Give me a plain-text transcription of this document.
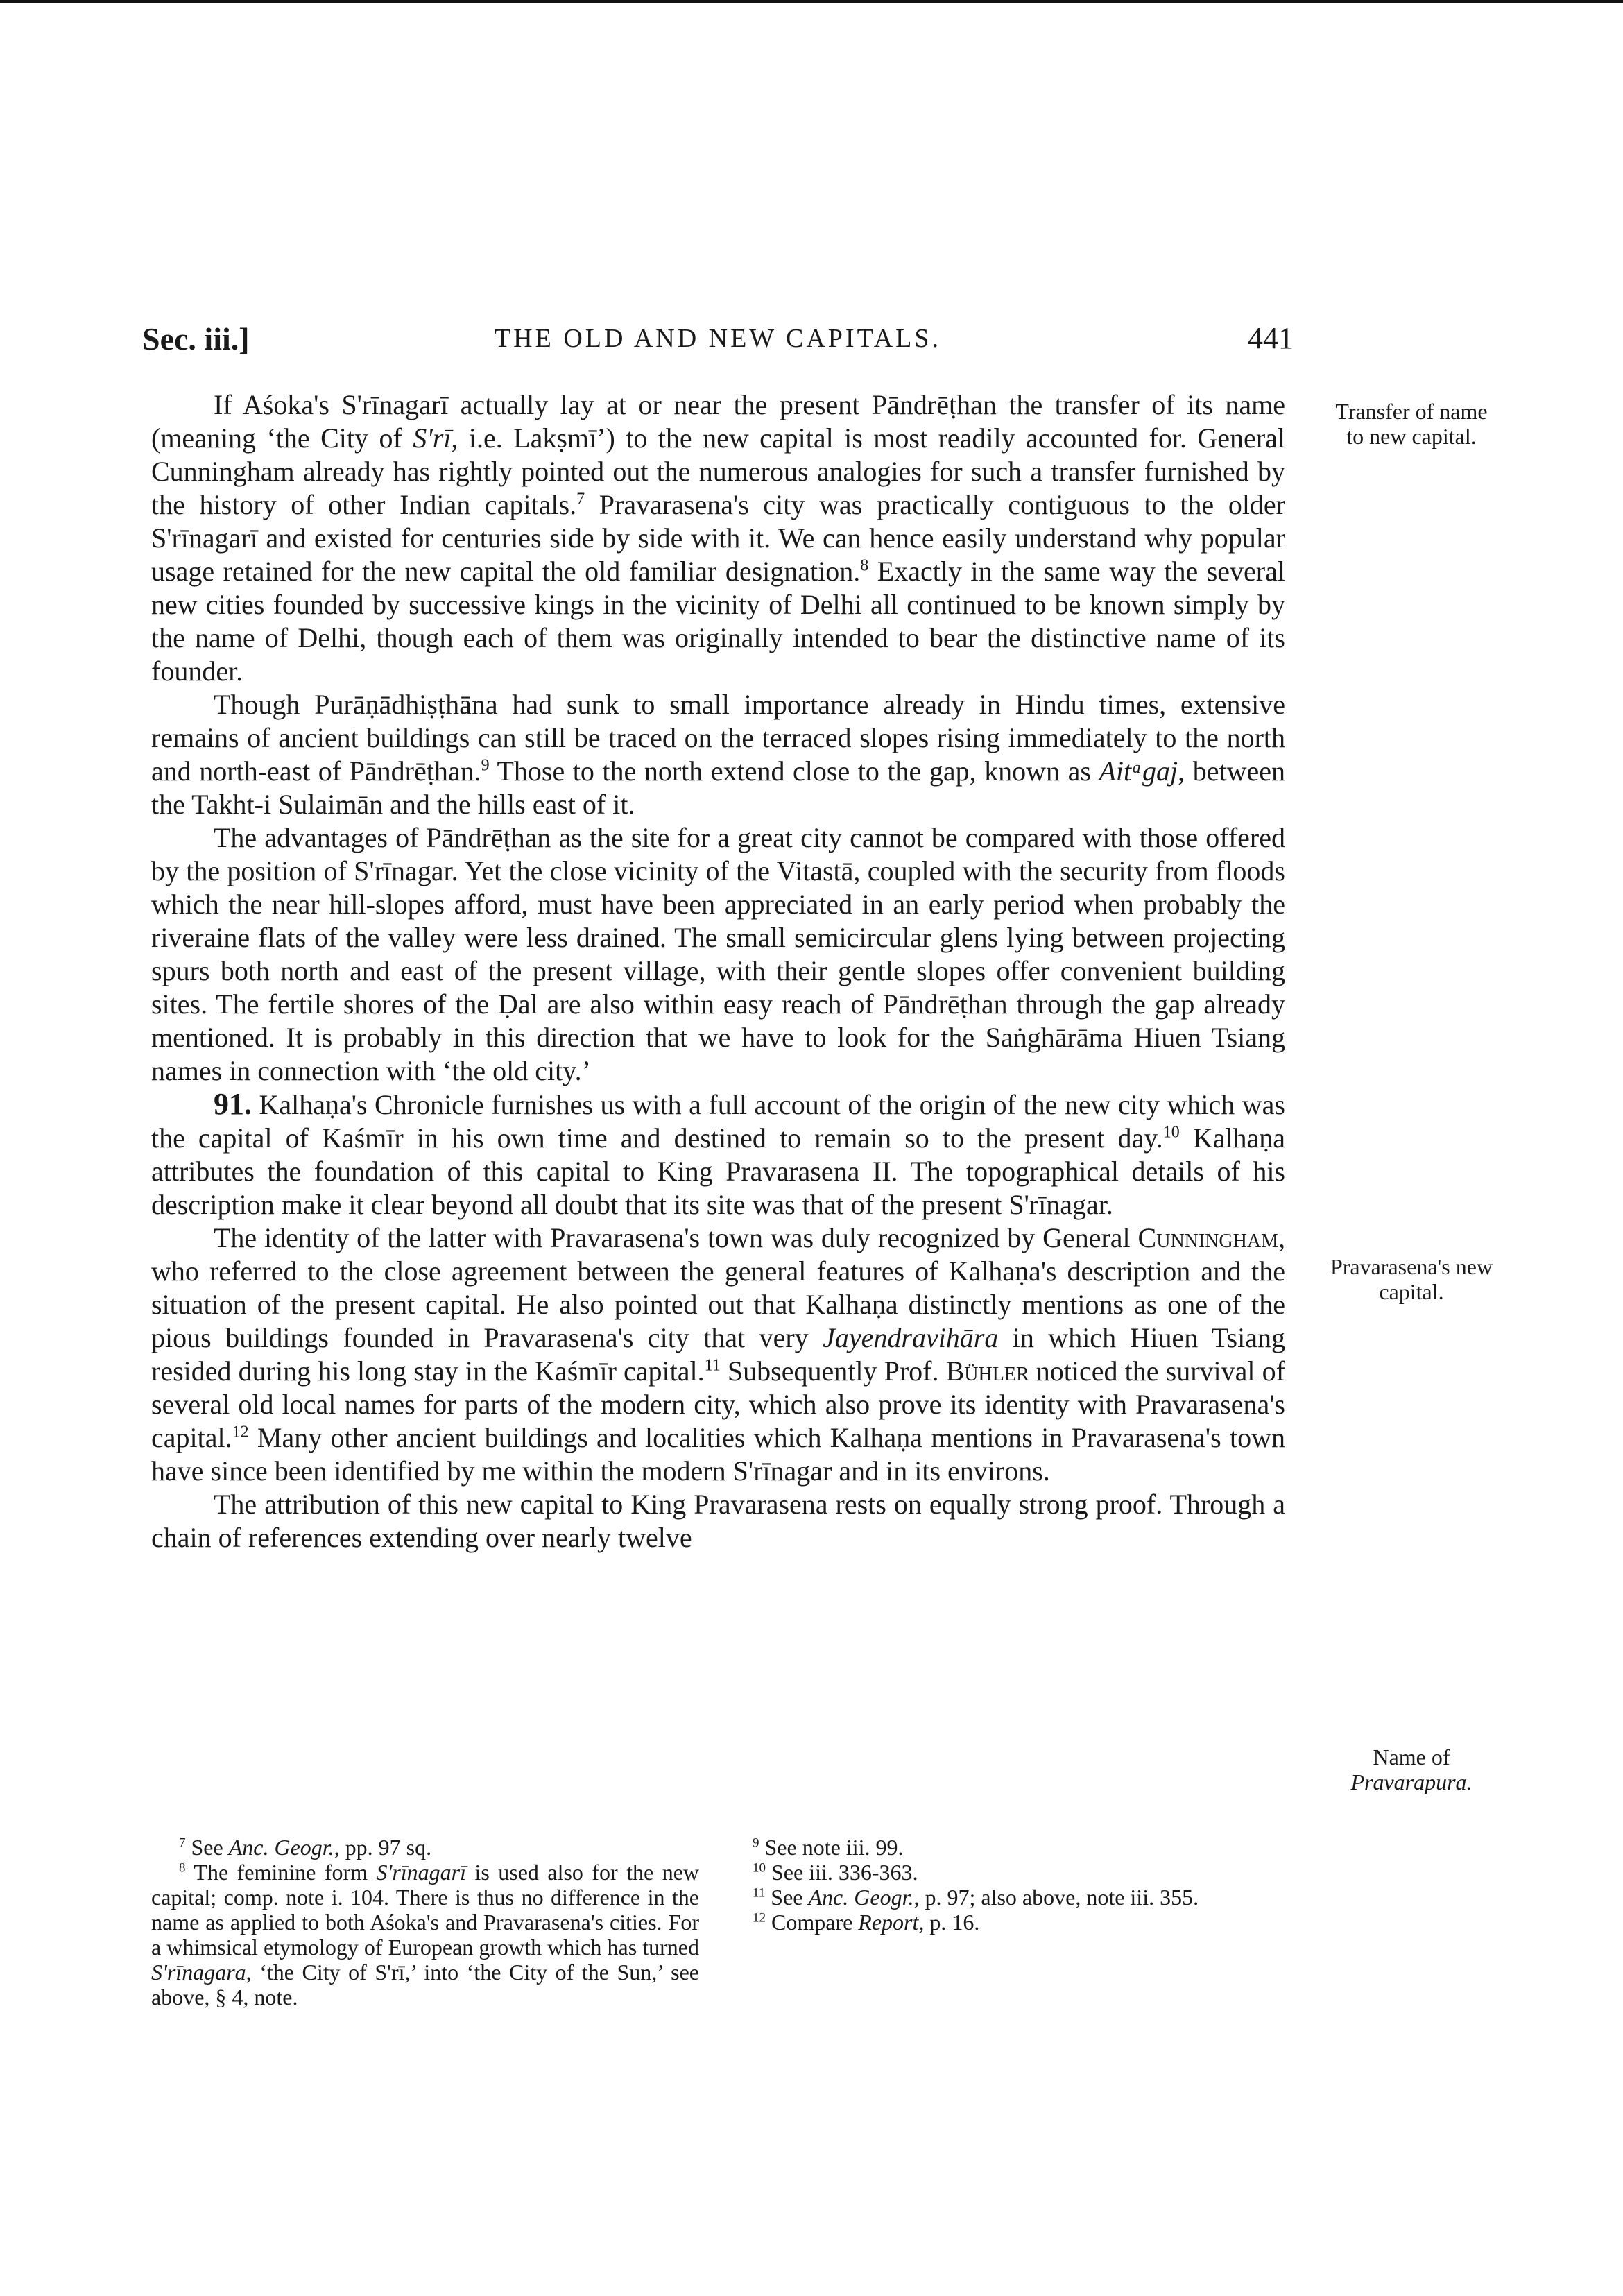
Sec. iii.]	THE OLD AND NEW CAPITALS.	441
Transfer of name
to new capital.
Pravarasena's new
capital.
Name of
Pravarapura.

If Aśoka's S'rīnagarī actually lay at or near the present Pāndrēṭhan the transfer of its name (meaning ‘the City of S'rī, i.e. Lakṣmī’) to the new capital is most readily accounted for. General Cunningham already has rightly pointed out the numerous analogies for such a transfer furnished by the history of other Indian capitals.$^7$ Pravarasena's city was practically contiguous to the older S'rīnagarī and existed for centuries side by side with it. We can hence easily understand why popular usage retained for the new capital the old familiar designation.$^8$ Exactly in the same way the several new cities founded by successive kings in the vicinity of Delhi all continued to be known simply by the name of Delhi, though each of them was originally intended to bear the distinctive name of its founder.

Though Purāṇādhiṣṭhāna had sunk to small importance already in Hindu times, extensive remains of ancient buildings can still be traced on the terraced slopes rising immediately to the north and north-east of Pāndrēṭhan.$^9$ Those to the north extend close to the gap, known as Aitᵃgaj, between the Takht-i Sulaimān and the hills east of it.

The advantages of Pāndrēṭhan as the site for a great city cannot be compared with those offered by the position of S'rīnagar. Yet the close vicinity of the Vitastā, coupled with the security from floods which the near hill-slopes afford, must have been appreciated in an early period when probably the riveraine flats of the valley were less drained. The small semicircular glens lying between projecting spurs both north and east of the present village, with their gentle slopes offer convenient building sites. The fertile shores of the Ḍal are also within easy reach of Pāndrēṭhan through the gap already mentioned. It is probably in this direction that we have to look for the Saṅghārāma Hiuen Tsiang names in connection with ‘the old city.’

91. Kalhaṇa's Chronicle furnishes us with a full account of the origin of the new city which was the capital of Kaśmīr in his own time and destined to remain so to the present day.$^{10}$ Kalhaṇa attributes the foundation of this capital to King Pravarasena II. The topographical details of his description make it clear beyond all doubt that its site was that of the present S'rīnagar.

The identity of the latter with Pravarasena's town was duly recognized by General Cunningham, who referred to the close agreement between the general features of Kalhaṇa's description and the situation of the present capital. He also pointed out that Kalhaṇa distinctly mentions as one of the pious buildings founded in Pravarasena's city that very Jayendravihāra in which Hiuen Tsiang resided during his long stay in the Kaśmīr capital.$^{11}$ Subsequently Prof. Bühler noticed the survival of several old local names for parts of the modern city, which also prove its identity with Pravarasena's capital.$^{12}$ Many other ancient buildings and localities which Kalhaṇa mentions in Pravarasena's town have since been identified by me within the modern S'rīnagar and in its environs.

The attribution of this new capital to King Pravarasena rests on equally strong proof. Through a chain of references extending over nearly twelve

$^7$ See Anc. Geogr., pp. 97 sq.

$^8$ The feminine form S'rīnagarī is used also for the new capital; comp. note i. 104. There is thus no difference in the name as applied to both Aśoka's and Pravarasena's cities. For a whimsical etymology of European growth which has turned S'rīnagara, ‘the City of S'rī,’ into ‘the City of the Sun,’ see above, § 4, note.

$^9$ See note iii. 99.

$^{10}$ See iii. 336-363.

$^{11}$ See Anc. Geogr., p. 97; also above, note iii. 355.

$^{12}$ Compare Report, p. 16.
